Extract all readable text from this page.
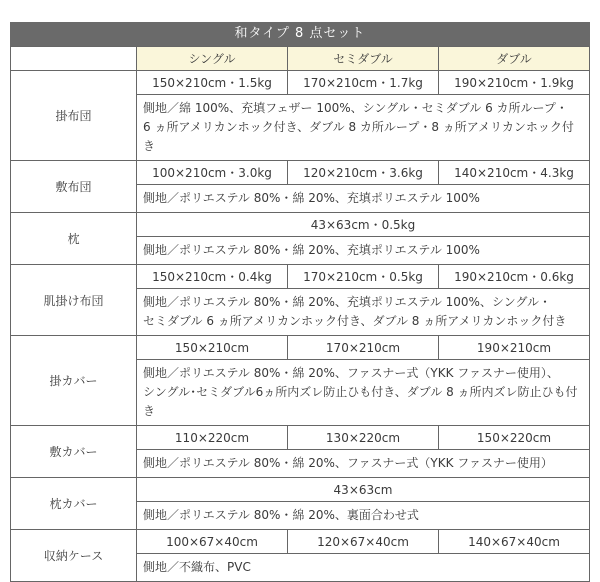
和タイプ 8 点セット
	シングル	セミダブル	ダブル
掛布団	150×210cm・1.5kg	170×210cm・1.7kg	190×210cm・1.9kg

	側地／綿 100%、充填フェザー 100%、シングル・セミダブル 6 カ所ループ・
6 ヵ所アメリカンホック付き、ダブル 8 カ所ループ・8 ヵ所アメリカンホック付き		

敷布団	100×210cm・3.0kg	120×210cm・3.6kg	140×210cm・4.3kg

	側地／ポリエステル 80%・綿 20%、充填ポリエステル 100%		

枕	43×63cm・0.5kg		

	側地／ポリエステル 80%・綿 20%、充填ポリエステル 100%		

肌掛け布団	150×210cm・0.4kg	170×210cm・0.5kg	190×210cm・0.6kg

	側地／ポリエステル 80%・綿 20%、充填ポリエステル 100%、シングル・
セミダブル 6 ヵ所アメリカンホック付き、ダブル 8 ヵ所アメリカンホック付き		

掛カバー	150×210cm	170×210cm	190×210cm

	側地／ポリエステル 80%・綿 20%、ファスナー式（YKK ファスナー使用）、
シングル･セミダブル6ヵ所内ズレ防止ひも付き、ダブル 8 ヵ所内ズレ防止ひも付き		

敷カバー	110×220cm	130×220cm	150×220cm

	側地／ポリエステル 80%・綿 20%、ファスナー式（YKK ファスナー使用）		

枕カバー	43×63cm		

	側地／ポリエステル 80%・綿 20%、裏面合わせ式		

収納ケース	100×67×40cm	120×67×40cm	140×67×40cm

	側地／不織布、PVC		
